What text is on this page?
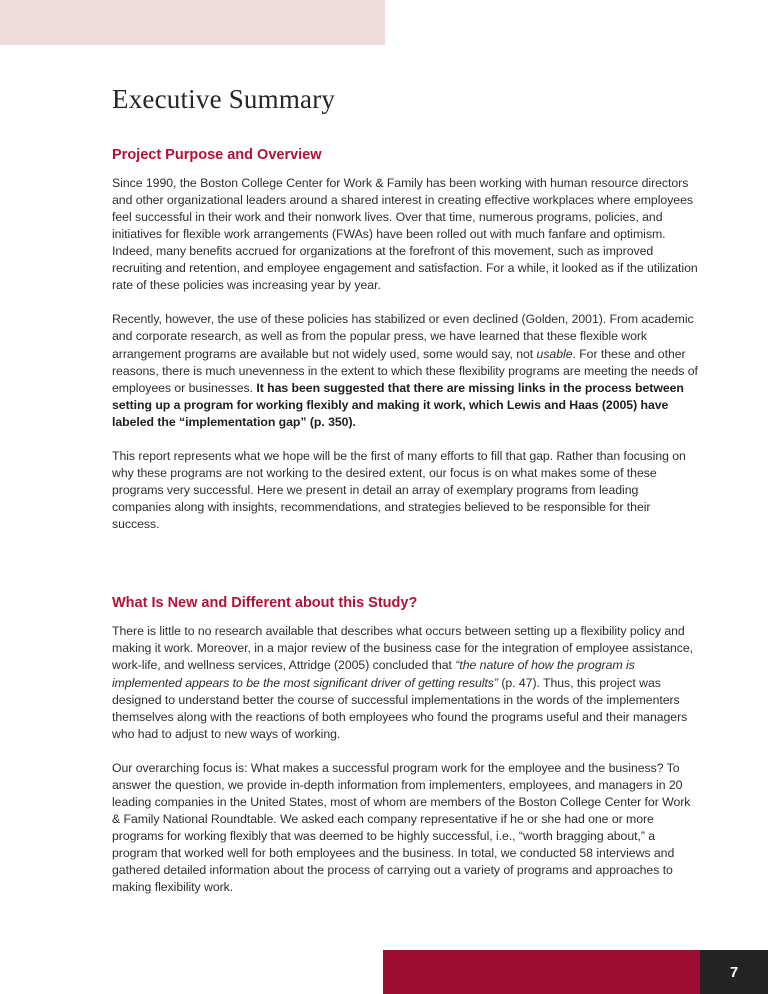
Executive Summary
Project Purpose and Overview

Since 1990, the Boston College Center for Work & Family has been working with human resource directors and other organizational leaders around a shared interest in creating effective workplaces where employees feel successful in their work and their nonwork lives. Over that time, numerous programs, policies, and initiatives for flexible work arrangements (FWAs) have been rolled out with much fanfare and optimism. Indeed, many benefits accrued for organizations at the forefront of this movement, such as improved recruiting and retention, and employee engagement and satisfaction. For a while, it looked as if the utilization rate of these policies was increasing year by year.

Recently, however, the use of these policies has stabilized or even declined (Golden, 2001). From academic and corporate research, as well as from the popular press, we have learned that these flexible work arrangement programs are available but not widely used, some would say, not usable. For these and other reasons, there is much unevenness in the extent to which these flexibility programs are meeting the needs of employees or businesses. It has been suggested that there are missing links in the process between setting up a program for working flexibly and making it work, which Lewis and Haas (2005) have labeled the “implementation gap” (p. 350).

This report represents what we hope will be the first of many efforts to fill that gap. Rather than focusing on why these programs are not working to the desired extent, our focus is on what makes some of these programs very successful. Here we present in detail an array of exemplary programs from leading companies along with insights, recommendations, and strategies believed to be responsible for their success.

What Is New and Different about this Study?

There is little to no research available that describes what occurs between setting up a flexibility policy and making it work. Moreover, in a major review of the business case for the integration of employee assistance, work-life, and wellness services, Attridge (2005) concluded that “the nature of how the program is implemented appears to be the most significant driver of getting results” (p. 47). Thus, this project was designed to understand better the course of successful implementations in the words of the implementers themselves along with the reactions of both employees who found the programs useful and their managers who had to adjust to new ways of working.

Our overarching focus is: What makes a successful program work for the employee and the business? To answer the question, we provide in-depth information from implementers, employees, and managers in 20 leading companies in the United States, most of whom are members of the Boston College Center for Work & Family National Roundtable. We asked each company representative if he or she had one or more programs for working flexibly that was deemed to be highly successful, i.e., “worth bragging about,” a program that worked well for both employees and the business. In total, we conducted 58 interviews and gathered detailed information about the process of carrying out a variety of programs and approaches to making flexibility work.

7
